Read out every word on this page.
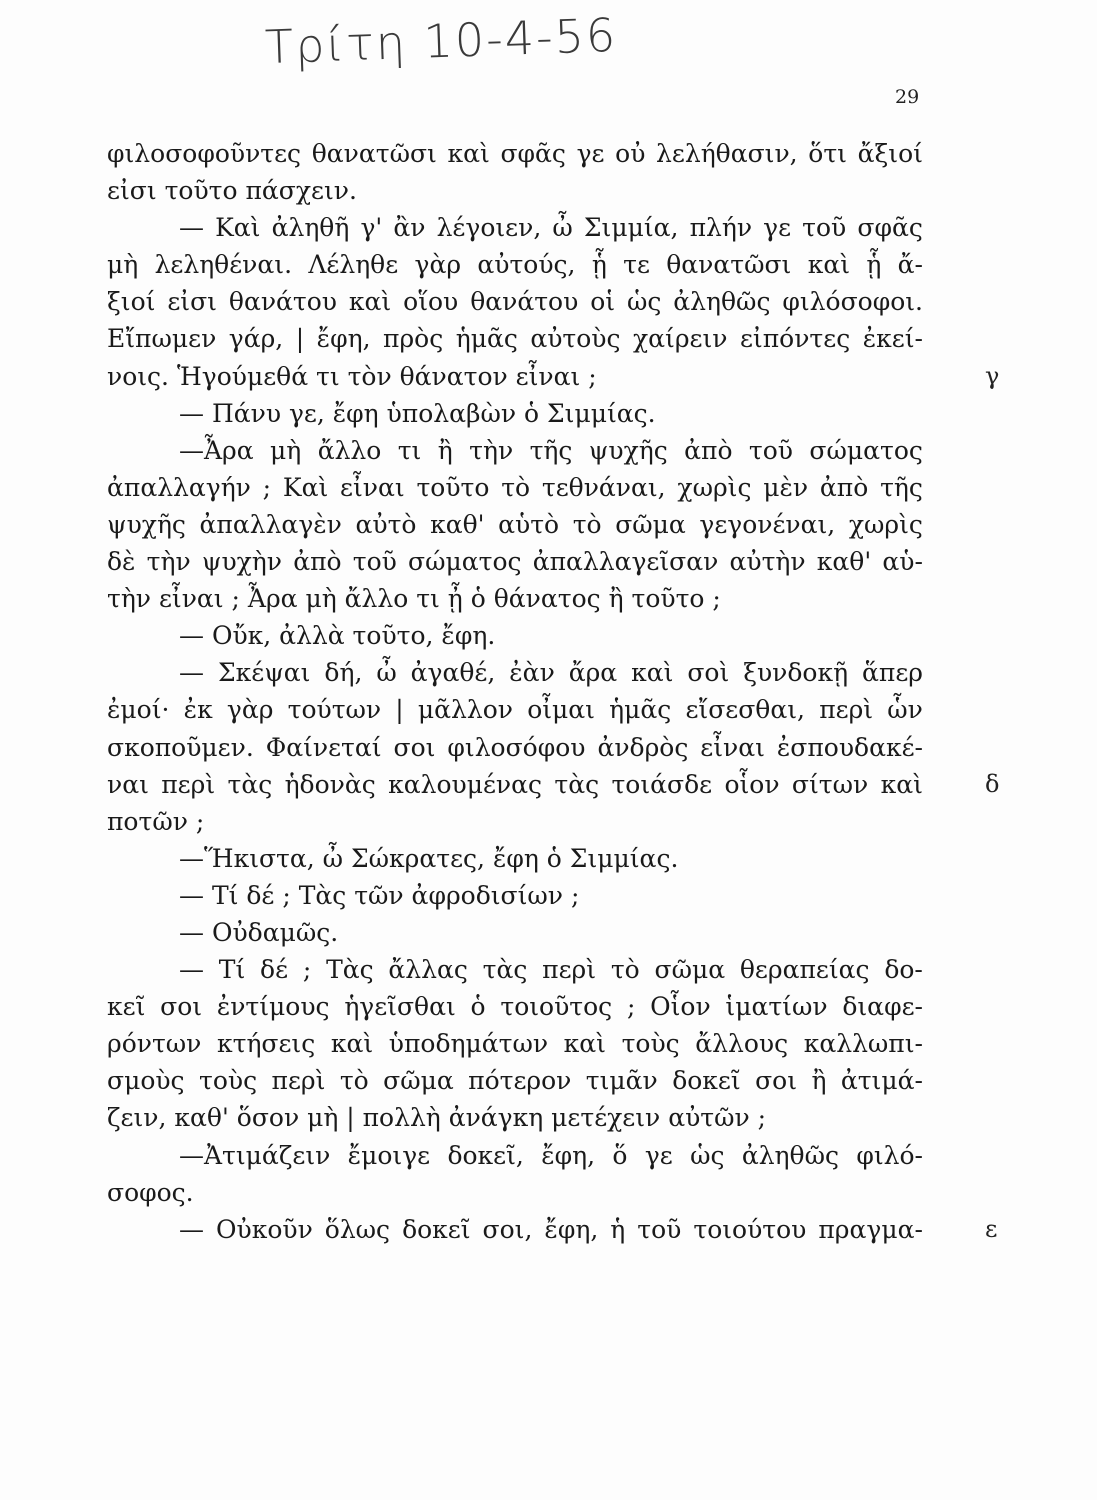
Τρίτη 10-4-56
29
φιλοσοφοῦντες θανατῶσι καὶ σφᾶς γε οὐ λελήθασιν, ὅτι ἄξιοί
εἰσι τοῦτο πάσχειν.
— Καὶ ἀληθῆ γ' ἂν λέγοιεν, ὦ Σιμμία, πλήν γε τοῦ σφᾶς
μὴ λεληθέναι. Λέληθε γὰρ αὐτούς, ᾗ τε θανατῶσι καὶ ᾗ ἄ-
ξιοί εἰσι θανάτου καὶ οἵου θανάτου οἱ ὡς ἀληθῶς φιλόσοφοι.
Εἴπωμεν γάρ, | ἔφη, πρὸς ἡμᾶς αὐτοὺς χαίρειν εἰπόντες ἐκεί-
νοις. Ἡγούμεθά τι τὸν θάνατον εἶναι ;
— Πάνυ γε, ἔφη ὑπολαβὼν ὁ Σιμμίας.
—Ἆρα μὴ ἄλλο τι ἢ τὴν τῆς ψυχῆς ἀπὸ τοῦ σώματος
ἀπαλλαγήν ; Καὶ εἶναι τοῦτο τὸ τεθνάναι, χωρὶς μὲν ἀπὸ τῆς
ψυχῆς ἀπαλλαγὲν αὐτὸ καθ' αὑτὸ τὸ σῶμα γεγονέναι, χωρὶς
δὲ τὴν ψυχὴν ἀπὸ τοῦ σώματος ἀπαλλαγεῖσαν αὐτὴν καθ' αὑ-
τὴν εἶναι ; Ἆρα μὴ ἄλλο τι ᾖ ὁ θάνατος ἢ τοῦτο ;
— Οὔκ, ἀλλὰ τοῦτο, ἔφη.
— Σκέψαι δή, ὦ ἀγαθέ, ἐὰν ἄρα καὶ σοὶ ξυνδοκῇ ἅπερ
ἐμοί· ἐκ γὰρ τούτων | μᾶλλον οἶμαι ἡμᾶς εἴσεσθαι, περὶ ὧν
σκοποῦμεν. Φαίνεταί σοι φιλοσόφου ἀνδρὸς εἶναι ἐσπουδακέ-
ναι περὶ τὰς ἡδονὰς καλουμένας τὰς τοιάσδε οἷον σίτων καὶ
ποτῶν ;
—Ἥκιστα, ὦ Σώκρατες, ἔφη ὁ Σιμμίας.
— Τί δέ ; Τὰς τῶν ἀφροδισίων ;
— Οὐδαμῶς.
— Τί δέ ; Τὰς ἄλλας τὰς περὶ τὸ σῶμα θεραπείας δο-
κεῖ σοι ἐντίμους ἡγεῖσθαι ὁ τοιοῦτος ; Οἷον ἱματίων διαφε-
ρόντων κτήσεις καὶ ὑποδημάτων καὶ τοὺς ἄλλους καλλωπι-
σμοὺς τοὺς περὶ τὸ σῶμα πότερον τιμᾶν δοκεῖ σοι ἢ ἀτιμά-
ζειν, καθ' ὅσον μὴ | πολλὴ ἀνάγκη μετέχειν αὐτῶν ;
—Ἀτιμάζειν ἔμοιγε δοκεῖ, ἔφη, ὅ γε ὡς ἀληθῶς φιλό-
σοφος.
— Οὐκοῦν ὅλως δοκεῖ σοι, ἔφη, ἡ τοῦ τοιούτου πραγμα-
γ
δ
ε
